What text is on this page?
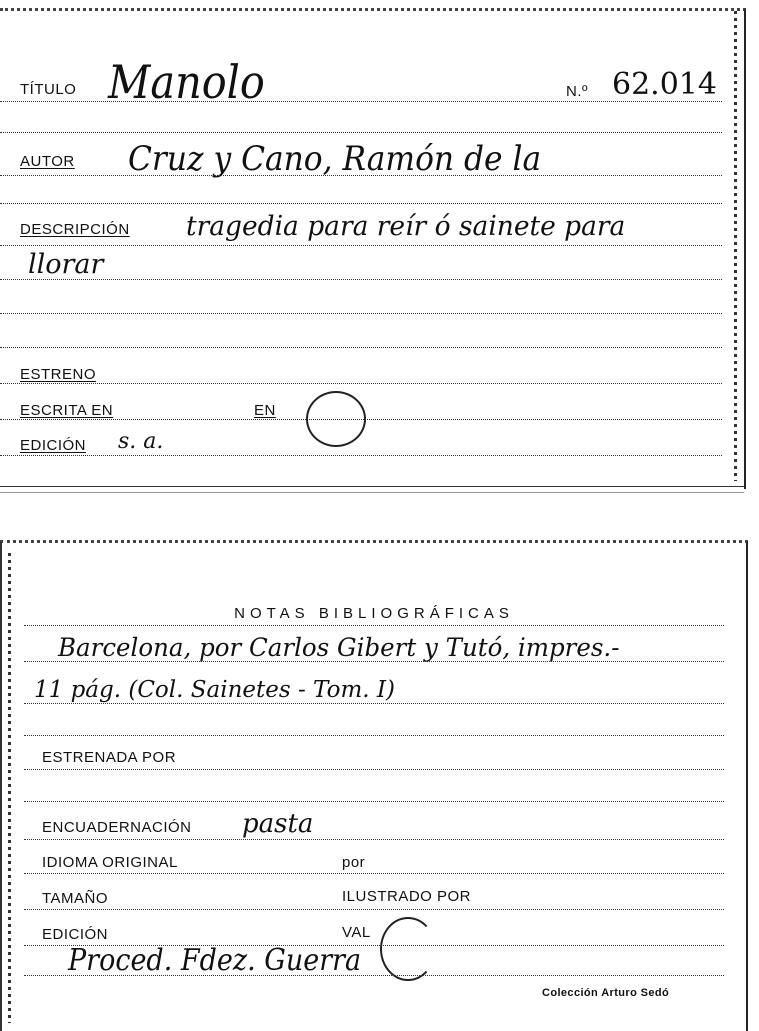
TÍTULO Manolo	N.º 62.014
AUTOR Cruz y Cano, Ramón de la
DESCRIPCIÓN tragedia para reír ó sainete para
llorar
ESTRENO
ESCRITA EN	EN
EDICIÓN s. a.
NOTAS BIBLIOGRÁFICAS
Barcelona, por Carlos Gibert y Tutó, impres.-
11 pág. (Col. Sainetes - Tom. I)
ESTRENADA POR
ENCUADERNACIÓN pasta
IDIOMA ORIGINAL	por
TAMAÑO	ILUSTRADO POR
EDICIÓN	VAL
Proced. Fdez. Guerra
Colección Arturo Sedó
